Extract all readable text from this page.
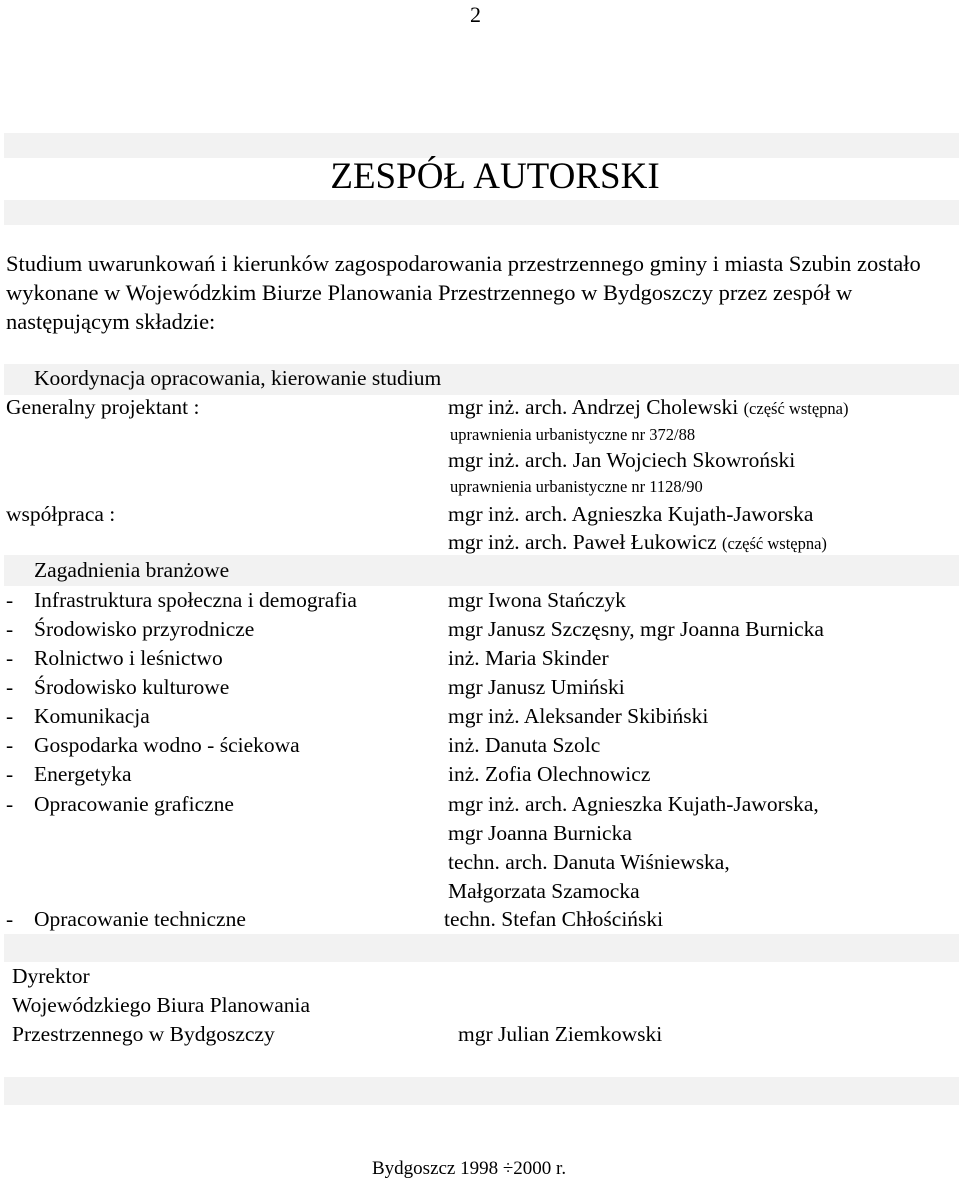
2
ZESPÓŁ AUTORSKI
Studium uwarunkowań i kierunków zagospodarowania przestrzennego gminy i miasta Szubin zostało wykonane w Wojewódzkim Biurze Planowania Przestrzennego w Bydgoszczy przez zespół w następującym składzie:
Koordynacja opracowania, kierowanie studium
Generalny projektant :	mgr inż. arch. Andrzej Cholewski (część wstępna)
uprawnienia urbanistyczne nr 372/88
mgr inż. arch. Jan Wojciech Skowroński
uprawnienia urbanistyczne nr 1128/90
współpraca :	mgr inż. arch. Agnieszka Kujath-Jaworska
mgr inż. arch. Paweł Łukowicz (część wstępna)
Zagadnienia branżowe
- Infrastruktura społeczna i demografia	mgr Iwona Stańczyk
- Środowisko przyrodnicze	mgr Janusz Szczęsny, mgr Joanna Burnicka
- Rolnictwo i leśnictwo	inż. Maria Skinder
- Środowisko kulturowe	mgr Janusz Umiński
- Komunikacja	mgr inż. Aleksander Skibiński
- Gospodarka wodno - ściekowa	inż. Danuta Szolc
- Energetyka	inż. Zofia Olechnowicz
- Opracowanie graficzne	mgr inż. arch. Agnieszka Kujath-Jaworska,
mgr Joanna Burnicka
techn. arch. Danuta Wiśniewska,
Małgorzata Szamocka
- Opracowanie techniczne	techn. Stefan Chłościński
Dyrektor
Wojewódzkiego Biura Planowania
Przestrzennego w Bydgoszczy	mgr Julian Ziemkowski
Bydgoszcz 1998 ÷2000 r.
